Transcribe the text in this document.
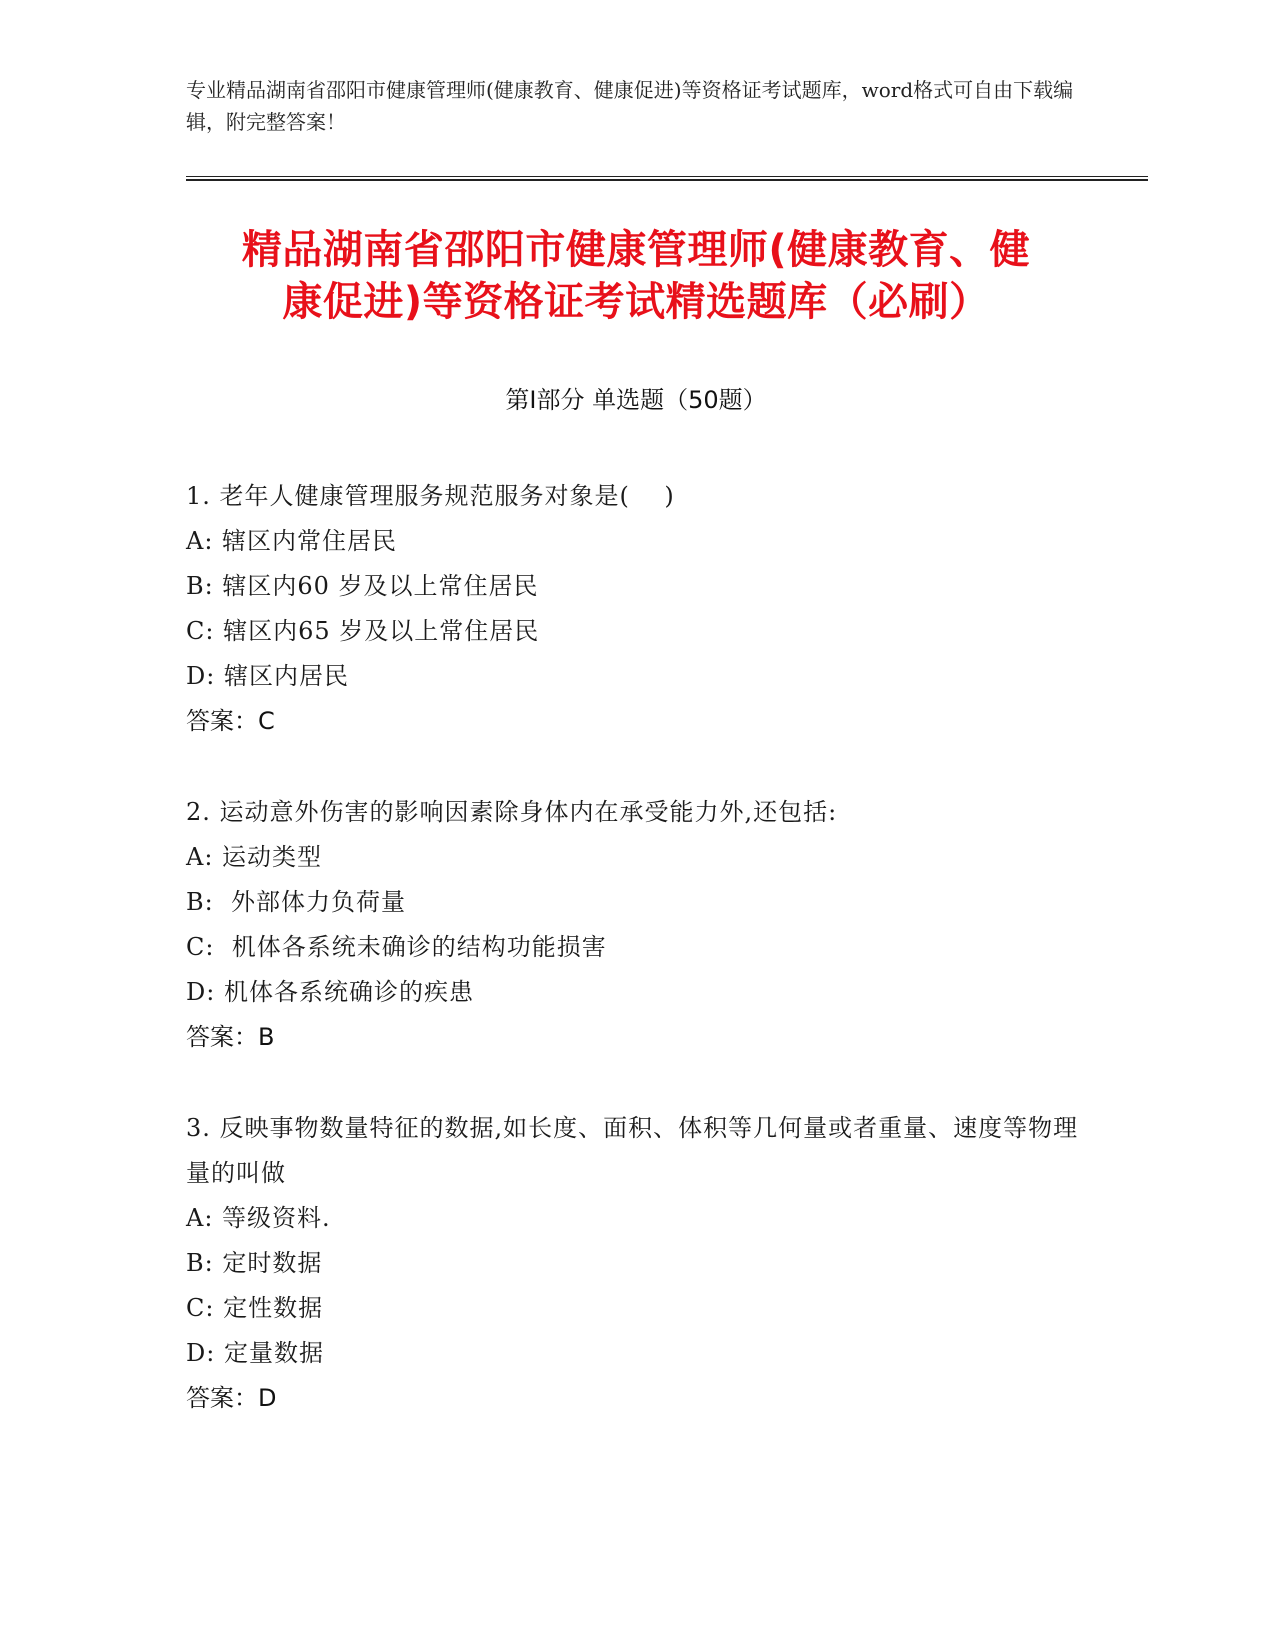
专业精品湖南省邵阳市健康管理师(健康教育、健康促进)等资格证考试题库，word格式可自由下载编辑，附完整答案！
精品湖南省邵阳市健康管理师(健康教育、健
康促进)等资格证考试精选题库（必刷）
第Ⅰ部分 单选题（50题）
1. 老年人健康管理服务规范服务对象是(    )
A: 辖区内常住居民
B: 辖区内60 岁及以上常住居民
C: 辖区内65 岁及以上常住居民
D: 辖区内居民
答案：C
2. 运动意外伤害的影响因素除身体内在承受能力外,还包括:
A: 运动类型
B:  外部体力负荷量
C:  机体各系统未确诊的结构功能损害
D: 机体各系统确诊的疾患
答案：B
3. 反映事物数量特征的数据,如长度、面积、体积等几何量或者重量、速度等物理量的叫做
A: 等级资料.
B: 定时数据
C: 定性数据
D: 定量数据
答案：D
